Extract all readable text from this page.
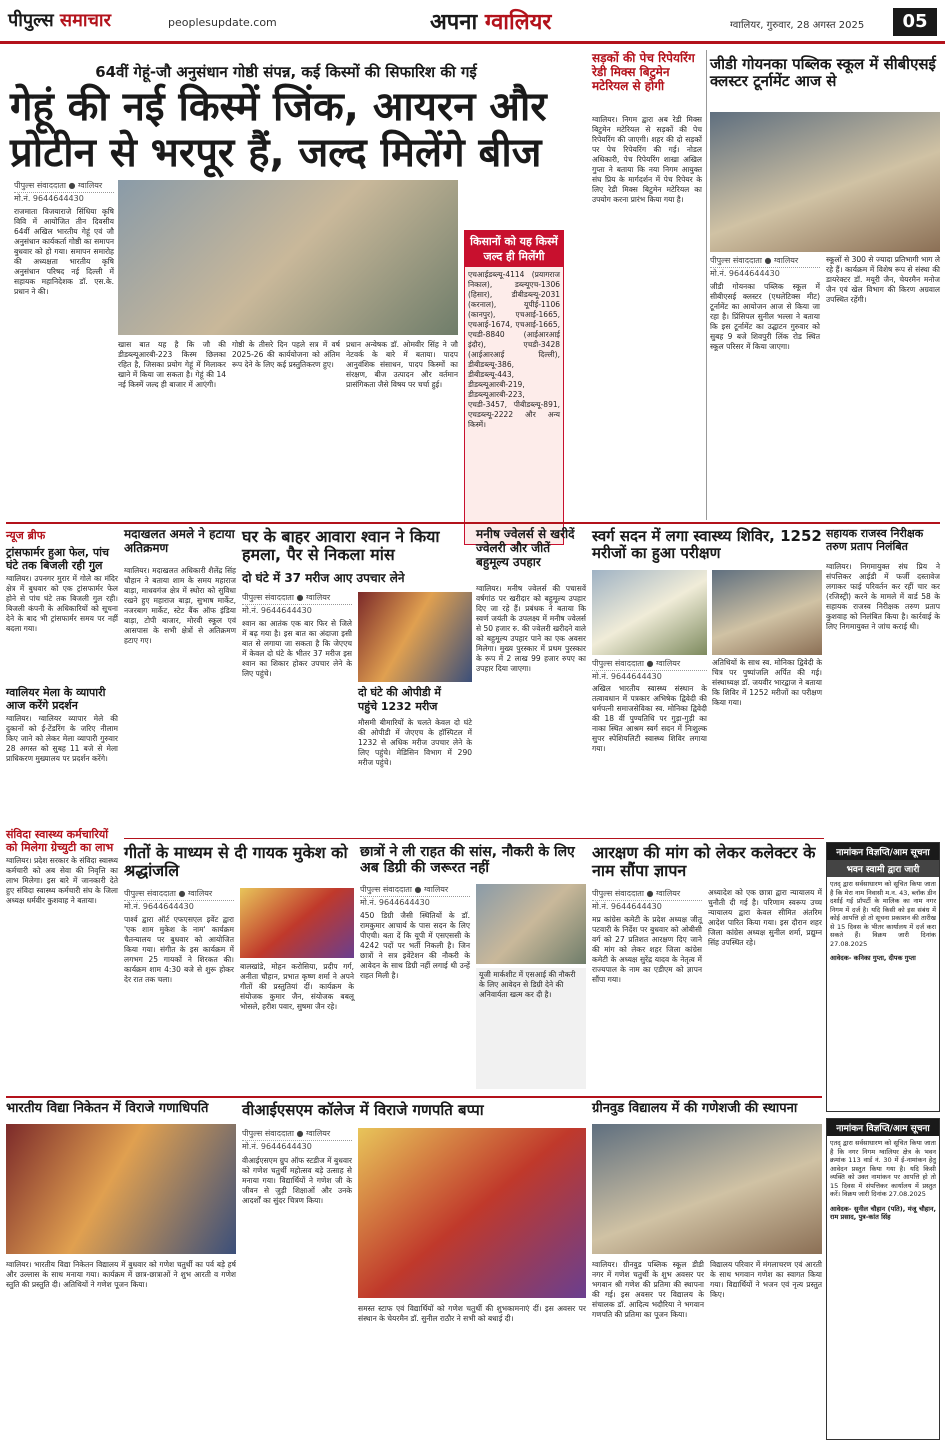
पीपुल्स समाचार	peoplesupdate.com	अपना ग्वालियर	ग्वालियर, गुरुवार, 28 अगस्त 2025	05
64वीं गेहूं-जौ अनुसंधान गोष्ठी संपन्न, कई किस्मों की सिफारिश की गई
गेहूं की नई किस्में जिंक, आयरन और
प्रोटीन से भरपूर हैं, जल्द मिलेंगे बीज
पीपुल्स संवाददाता ● ग्वालियर
मो.नं. 9644644430
राजमाता विजयाराजे सिंधिया कृषि विवि में आयोजित तीन दिवसीय 64वीं अखिल भारतीय गेहूं एवं जौ अनुसंधान कार्यकर्ता गोष्ठी का समापन बुधवार को हो गया। समापन समारोह की अध्यक्षता भारतीय कृषि अनुसंधान परिषद नई दिल्ली में सहायक महानिदेशक डॉ. एस.के. प्रधान ने की।
खास बात यह है कि जौ की डीडब्ल्यूआरबी-223 किस्म छिलका रहित है, जिसका प्रयोग गेहूं में मिलाकर खाने में किया जा सकता है। गेहूं की 14 नई किस्में जल्द ही बाजार में आएंगी।
गोष्ठी के तीसरे दिन पहले सत्र में वर्ष 2025-26 की कार्ययोजना को अंतिम रूप देने के लिए कई प्रस्तुतिकरण हुए।
प्रधान अन्वेषक डॉ. ओमवीर सिंह ने जौ नेटवर्क के बारे में बताया। पादप आनुवंशिक संसाधन, पादप किस्मों का संरक्षण, बीज उत्पादन और वर्तमान प्रासंगिकता जैसे विषय पर चर्चा हुई।
किसानों को यह किस्में जल्द ही मिलेंगी
एचआईडब्ल्यू-4114 (प्रयागराज निकाल), डब्ल्यूएच-1306 (हिसार), डीबीडब्ल्यू-2031 (करनाल), यूपीई-1106 (कानपुर), एचआई-1665, एचआई-1674, एचआई-1665, एचडी-8840 (आईआरआई इंदौर), एचडी-3428 (आईआरआई दिल्ली), डीबीडब्ल्यू-386, डीबीडब्ल्यू-443, डीडब्ल्यूआरबी-219, डीडब्ल्यूआरबी-223, एचडी-3457, पीबीडब्ल्यू-891, एचडब्ल्यू-2222 और अन्य किस्में।
सड़कों की पेच रिपेयरिंग रेडी मिक्स बिटुमेन मटेरियल से होगी
ग्वालियर। निगम द्वारा अब रेडी मिक्स बिटुमेन मटेरियल से सड़कों की पेच रिपेयरिंग की जाएगी। शहर की दो सड़कों पर पेच रिपेयरिंग की गई। नोडल अधिकारी, पेच रिपेयरिंग शाखा अखिल गुप्ता ने बताया कि नया निगम आयुक्त संघ प्रिय के मार्गदर्शन में पेच रिपेयर के लिए रेडी मिक्स बिटुमेन मटेरियल का उपयोग करना प्रारंभ किया गया है।
जीडी गोयनका पब्लिक स्कूल में सीबीएसई क्लस्टर टूर्नामेंट आज से
पीपुल्स संवाददाता ● ग्वालियर
मो.नं. 9644644430
जीडी गोयनका पब्लिक स्कूल में सीबीएसई क्लस्टर (एथलेटिक्स मीट) टूर्नामेंट का आयोजन आज से किया जा रहा है। प्रिंसिपल सुनील भल्ला ने बताया कि इस टूर्नामेंट का उद्घाटन गुरुवार को सुबह 9 बजे शिवपुरी लिंक रोड स्थित स्कूल परिसर में किया जाएगा।
स्कूलों से 300 से ज्यादा प्रतिभागी भाग ले रहे हैं। कार्यक्रम में विशेष रूप से संस्था की डायरेक्टर डॉ. मयूरी जैन, चेयरमैन मनोज जैन एवं खेल विभाग की किरण अग्रवाल उपस्थित रहेंगी।
न्यूज ब्रीफ
ट्रांसफार्मर हुआ फेल, पांच घंटे तक बिजली रही गुल
ग्वालियर। उपनगर मुरार में गोले का मंदिर क्षेत्र में बुधवार को एक ट्रांसफार्मर फेल होने से पांच घंटे तक बिजली गुल रही। बिजली कंपनी के अधिकारियों को सूचना देने के बाद भी ट्रांसफार्मर समय पर नहीं बदला गया।
ग्वालियर मेला के व्यापारी आज करेंगे प्रदर्शन
ग्वालियर। ग्वालियर व्यापार मेले की दुकानों को ई-टेंडरिंग के जरिए नीलाम किए जाने को लेकर मेला व्यापारी गुरुवार 28 अगस्त को सुबह 11 बजे से मेला प्राधिकरण मुख्यालय पर प्रदर्शन करेंगे।
संविदा स्वास्थ्य कर्मचारियों को मिलेगा ग्रेच्युटी का लाभ
ग्वालियर। प्रदेश सरकार के संविदा स्वास्थ्य कर्मचारी को अब सेवा की निवृत्ति का लाभ मिलेगा। इस बारे में जानकारी देते हुए संविदा स्वास्थ्य कर्मचारी संघ के जिला अध्यक्ष धर्मवीर कुशवाह ने बताया।
मदाखलत अमले ने हटाया अतिक्रमण
ग्वालियर। मदाखलत अधिकारी शैलेंद्र सिंह चौहान ने बताया शाम के समय महाराज बाड़ा, माधवगंज क्षेत्र में स्थोरा को सुविधा रखने हुए महाराज बाड़ा, सुभाष मार्केट, नजरबाग मार्केट, स्टेट बैंक ऑफ इंडिया बाड़ा, टोपी बाजार, मोरवी स्कूल एवं आसपास के सभी क्षेत्रों से अतिक्रमण हटाए गए।
घर के बाहर आवारा श्वान ने किया हमला, पैर से निकला मांस
दो घंटे में 37 मरीज आए उपचार लेने
पीपुल्स संवाददाता ● ग्वालियर
मो.नं. 9644644430
श्वान का आतंक एक बार फिर से जिले में बढ़ गया है। इस बात का अंदाजा इसी बात से लगाया जा सकता है कि जेएएच में केवल दो घंटे के भीतर 37 मरीज इस श्वान का शिकार होकर उपचार लेने के लिए पहुंचे।
दो घंटे की ओपीडी में
पहुंचे 1232 मरीज
मौसमी बीमारियों के चलते केवल दो घंटे की ओपीडी में जेएएच के हॉस्पिटल में 1232 से अधिक मरीज उपचार लेने के लिए पहुंचे। मेडिसिन विभाग में 290 मरीज पहुंचे।
मनीष ज्वेलर्स से खरीदें ज्वेलरी और जीतें बहुमूल्य उपहार
ग्वालियर। मनीष ज्वेलर्स की पचासवें वर्षगांठ पर खरीदार को बहुमूल्य उपहार दिए जा रहे हैं। प्रबंधक ने बताया कि स्वर्ण जयंती के उपलक्ष्य में मनीष ज्वेलर्स से 50 हजार रु. की ज्वेलरी खरीदने वाले को बहुमूल्य उपहार पाने का एक अवसर मिलेगा। मुख्य पुरस्कार में प्रथम पुरस्कार के रूप में 2 लाख 99 हजार रुपए का उपहार दिया जाएगा।
स्वर्ग सदन में लगा स्वास्थ्य शिविर, 1252 मरीजों का हुआ परीक्षण
पीपुल्स संवाददाता ● ग्वालियर
मो.नं. 9644644430
अखिल भारतीय स्वास्थ्य संस्थान के तत्वावधान में पत्रकार अभिषेक द्विवेदी की धर्मपत्नी समाजसेविका स्व. मोनिका द्विवेदी की 18 वीं पुण्यतिथि पर गुड़ा-गुड़ी का नाका स्थित आश्रम स्वर्ग सदन में निःशुल्क सुपर स्पेशियलिटी स्वास्थ्य शिविर लगाया गया।
अतिथियों के साथ स्व. मोनिका द्विवेदी के चित्र पर पुष्पांजलि अर्पित की गई। संस्थाध्यक्ष डॉ. जयवीर भारद्वाज ने बताया कि शिविर में 1252 मरीजों का परीक्षण किया गया।
सहायक राजस्व निरीक्षक तरुण प्रताप निलंबित
ग्वालियर। निगमायुक्त संघ प्रिय ने संपत्तिकर आईडी में फर्जी दस्तावेज लगाकर फाई परिवर्तन कर रहीं चार कर (रजिस्ट्री) करने के मामले में वार्ड 58 के सहायक राजस्व निरीक्षक तरुण प्रताप कुशवाह को निलंबित किया है। कार्रवाई के लिए निगमायुक्त ने जांच कराई थी।
गीतों के माध्यम से दी गायक मुकेश को श्रद्धांजलि
पीपुल्स संवाददाता ● ग्वालियर
मो.नं. 9644644430
पार्श्व द्वारा ऑर्ट एफएसएल इवेंट द्वारा 'एक शाम मुकेश के नाम' कार्यक्रम चैतन्यालय पर बुधवार को आयोजित किया गया। संगीत के इस कार्यक्रम में लगभग 25 गायकों ने शिरकत की। कार्यक्रम शाम 4:30 बजे से शुरू होकर देर रात तक चला।
बालखांडे, मोहन करोसिया, प्रदीप गर्ग, अनीता चौहान, प्रभात कृष्ण शर्मा ने अपने गीतों की प्रस्तुतियां दीं। कार्यक्रम के संयोजक कुमार जैन, संयोजक बबलू भोसले, हरीश पवार, सुषमा जैन रहे।
छात्रों ने ली राहत की सांस, नौकरी के लिए अब डिग्री की जरूरत नहीं
पीपुल्स संवाददाता ● ग्वालियर
मो.नं. 9644644430
450 डिग्री जैसी स्थितियों के डॉ. रामकुमार आचार्य के पास सदन के लिए पीएची। बता दें कि यूपी में एसएससी के 4242 पदों पर भर्ती निकली है। जिन छात्रों ने सत्र इवेंटेशन की नौकरी के आवेदन के साथ डिग्री नहीं लगाई थी उन्हें राहत मिली है।	यूजी मार्कशीट में एसआई की नौकरी के लिए आवेदन से डिग्री देने की अनिवार्यता खत्म कर दी है।
आरक्षण की मांग को लेकर कलेक्टर के नाम सौंपा ज्ञापन
पीपुल्स संवाददाता ● ग्वालियर
मो.नं. 9644644430
मप्र कांग्रेस कमेटी के प्रदेश अध्यक्ष जीतू पटवारी के निर्देश पर बुधवार को ओबीसी वर्ग को 27 प्रतिशत आरक्षण दिए जाने की मांग को लेकर शहर जिला कांग्रेस कमेटी के अध्यक्ष सुरेंद्र यादव के नेतृत्व में राज्यपाल के नाम का एडीएम को ज्ञापन सौंपा गया।
अध्यादेश को एक छात्रा द्वारा न्यायालय में चुनौती दी गई है। परिणाम स्वरूप उच्च न्यायालय द्वारा केवल सीमित अंतरिम आदेश पारित किया गया। इस दौरान शहर जिला कांग्रेस अध्यक्ष सुनील शर्मा, प्रद्युम्न सिंह उपस्थित रहे।
नामांकन विज्ञप्ति/आम सूचना
भवन स्वामी द्वारा जारी
एतद् द्वारा सर्वसाधारण को सूचित किया जाता है कि मेरा नाम निवासी म.न. 43, ब्लॉक डीन दर्शाई गई प्रॉपर्टी के मालिक का नाम नगर निगम में दर्ज है। यदि किसी को इस संबंध में कोई आपत्ति हो तो सूचना प्रकाशन की तारीख से 15 दिवस के भीतर कार्यालय में दर्ज करा सकते हैं। विक्रय जारी दिनांक 27.08.2025
आवेदक- कनिका गुप्ता, दीपक गुप्ता
नामांकन विज्ञप्ति/आम सूचना
एतद् द्वारा सर्वसाधारण को सूचित किया जाता है कि नगर निगम ग्वालियर क्षेत्र के भवन क्रमांक 113 वार्ड नं. 30 में ई-नामांकन हेतु आवेदन प्रस्तुत किया गया है। यदि किसी व्यक्ति को उक्त नामांकन पर आपत्ति हो तो 15 दिवस में संपत्तिकर कार्यालय में प्रस्तुत करें। विक्रय जारी दिनांक 27.08.2025
आवेदक- सुनील चौहान (पति), मंजू चौहान, राम प्रसाद, पुत्र-कांत सिंह
भारतीय विद्या निकेतन में विराजे गणाधिपति
ग्वालियर। भारतीय विद्या निकेतन विद्यालय में बुधवार को गणेश चतुर्थी का पर्व बड़े हर्ष और उल्लास के साथ मनाया गया। कार्यक्रम में छात्र-छात्राओं ने शुभ आरती व गणेश स्तुति की प्रस्तुति दी। अतिथियों ने गणेश पूजन किया।
वीआईएसएम कॉलेज में विराजे गणपति बप्पा
पीपुल्स संवाददाता ● ग्वालियर
मो.नं. 9644644430
वीआईएसएम ग्रुप ऑफ स्टडीज में बुधवार को गणेश चतुर्थी महोत्सव बड़े उत्साह से मनाया गया। विद्यार्थियों ने गणेश जी के जीवन से जुड़ी शिक्षाओं और उनके आदर्शों का सुंदर चित्रण किया।
समस्त स्टाफ एवं विद्यार्थियों को गणेश चतुर्थी की शुभकामनाएं दीं। इस अवसर पर संस्थान के चेयरमैन डॉ. सुनील राठौर ने सभी को बधाई दी।
ग्रीनवुड विद्यालय में की गणेशजी की स्थापना
ग्वालियर। ग्रीनवुड पब्लिक स्कूल डीडी नगर में गणेश चतुर्थी के शुभ अवसर पर भगवान श्री गणेश की प्रतिमा की स्थापना की गई। इस अवसर पर विद्यालय के संचालक डॉ. आदित्य भदौरिया ने भगवान गणपति की प्रतिमा का पूजन किया।
विद्यालय परिवार में मंगलाचरण एवं आरती के साथ भगवान गणेश का स्वागत किया गया। विद्यार्थियों ने भजन एवं नृत्य प्रस्तुत किए।
